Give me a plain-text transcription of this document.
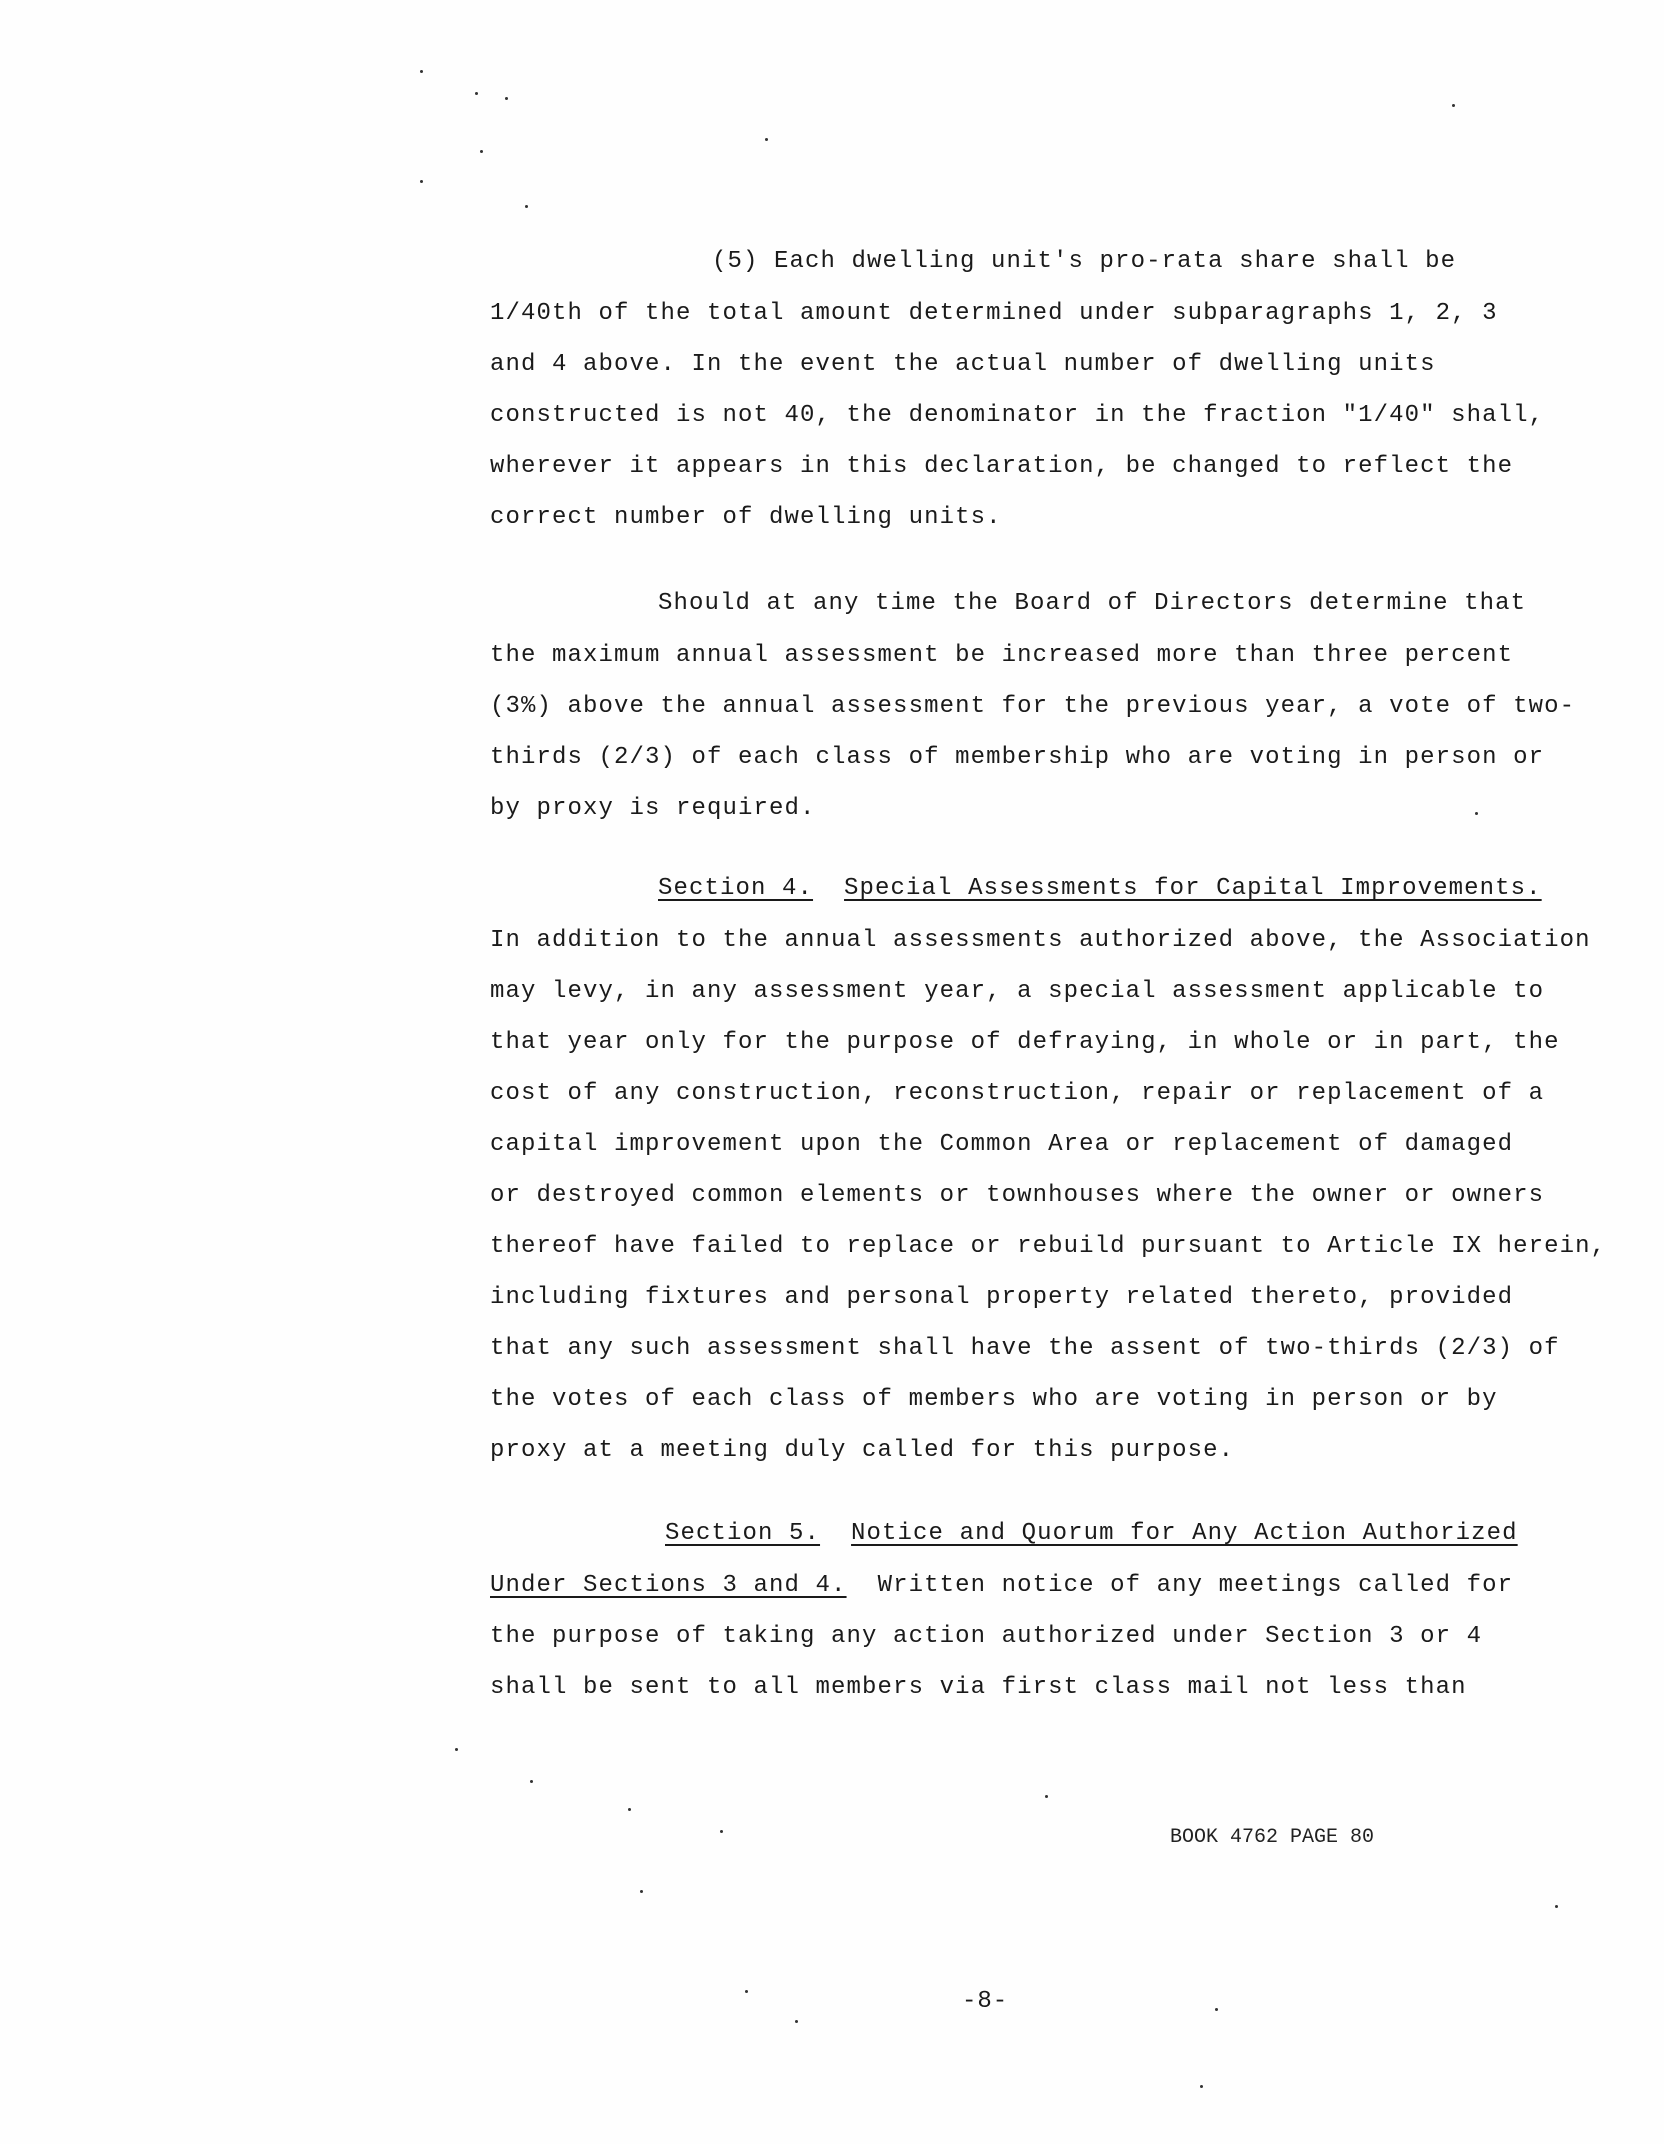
(5) Each dwelling unit's pro-rata share shall be
1/40th of the total amount determined under subparagraphs 1, 2, 3
and 4 above. In the event the actual number of dwelling units
constructed is not 40, the denominator in the fraction "1/40" shall,
wherever it appears in this declaration, be changed to reflect the
correct number of dwelling units.
Should at any time the Board of Directors determine that
the maximum annual assessment be increased more than three percent
(3%) above the annual assessment for the previous year, a vote of two-
thirds (2/3) of each class of membership who are voting in person or
by proxy is required.
Section 4. Special Assessments for Capital Improvements.
In addition to the annual assessments authorized above, the Association
may levy, in any assessment year, a special assessment applicable to
that year only for the purpose of defraying, in whole or in part, the
cost of any construction, reconstruction, repair or replacement of a
capital improvement upon the Common Area or replacement of damaged
or destroyed common elements or townhouses where the owner or owners
thereof have failed to replace or rebuild pursuant to Article IX herein,
including fixtures and personal property related thereto, provided
that any such assessment shall have the assent of two-thirds (2/3) of
the votes of each class of members who are voting in person or by
proxy at a meeting duly called for this purpose.
Section 5. Notice and Quorum for Any Action Authorized
Under Sections 3 and 4. Written notice of any meetings called for
the purpose of taking any action authorized under Section 3 or 4
shall be sent to all members via first class mail not less than
BOOK 4762 PAGE 80
-8-
